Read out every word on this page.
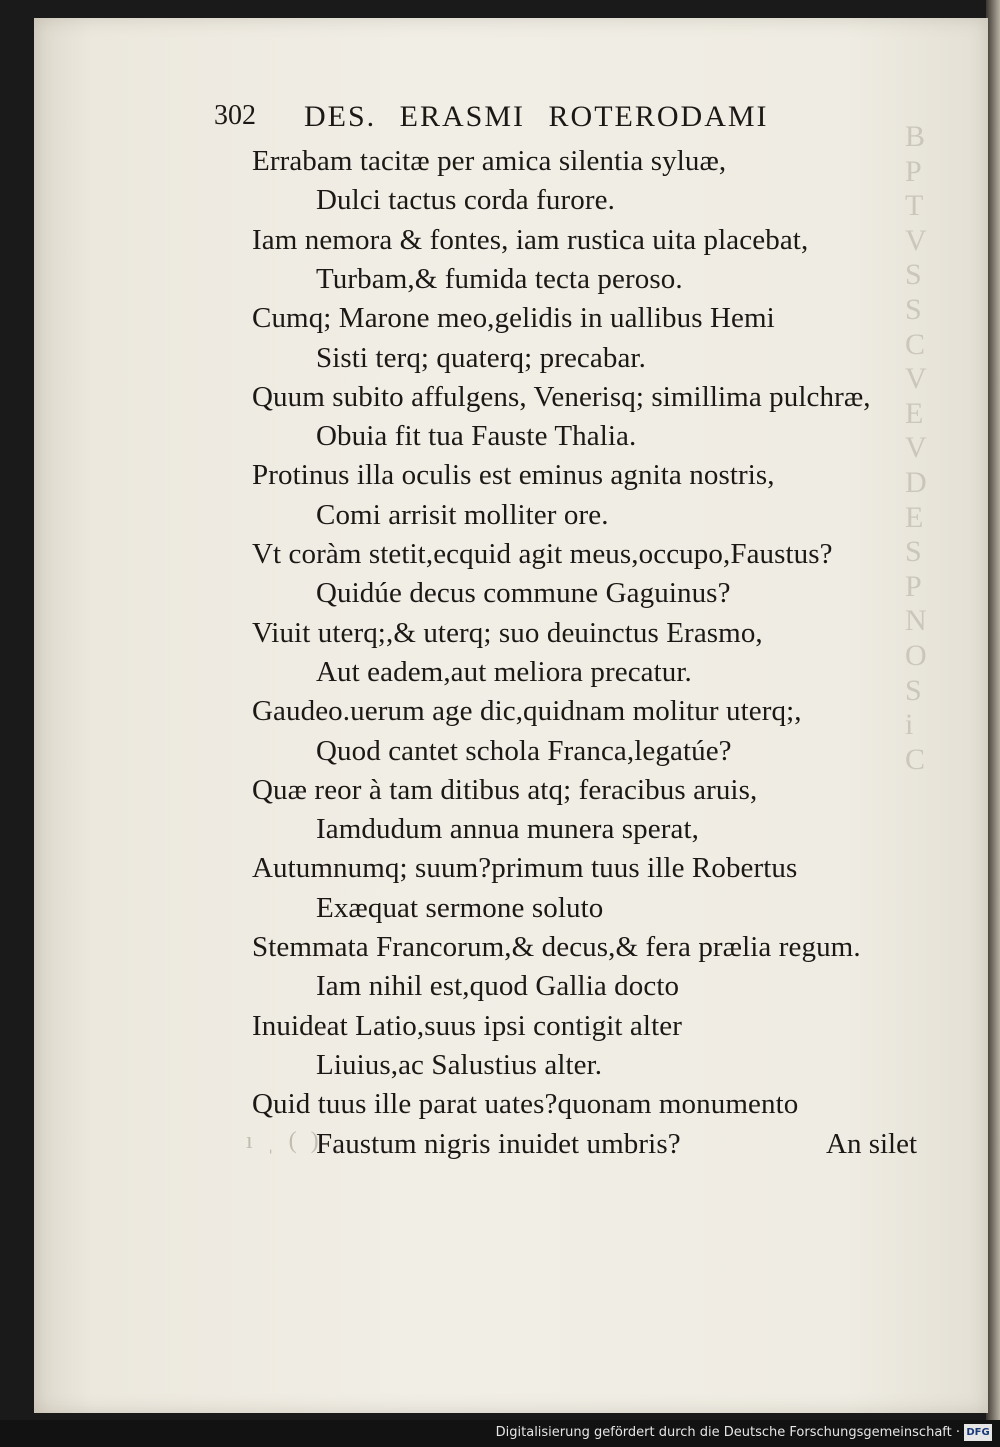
B
P
T
V
S
S
C
V
E
V
D
E
S
P
N
O
S
i
C
302 DES. ERASMI ROTERODAMI
Errabam tacitæ per amica silentia syluæ,
Dulci tactus corda furore.
Iam nemora & fontes, iam rustica uita placebat,
Turbam,& fumida tecta peroso.
Cumq; Marone meo,gelidis in uallibus Hemi
Sisti terq; quaterq; precabar.
Quum subito affulgens, Venerisq; simillima pulchræ,
Obuia fit tua Fauste Thalia.
Protinus illa oculis est eminus agnita nostris,
Comi arrisit molliter ore.
Vt coràm stetit,ecquid agit meus,occupo,Faustus?
Quidúe decus commune Gaguinus?
Viuit uterq;,& uterq; suo deuinctus Erasmo,
Aut eadem,aut meliora precatur.
Gaudeo.uerum age dic,quidnam molitur uterq;,
Quod cantet schola Franca,legatúe?
Quæ reor à tam ditibus atq; feracibus aruis,
Iamdudum annua munera sperat,
Autumnumq; suum?primum tuus ille Robertus
Exæquat sermone soluto
Stemmata Francorum,& decus,& fera prælia regum.
Iam nihil est,quod Gallia docto
Inuideat Latio,suus ipsi contigit alter
Liuius,ac Salustius alter.
Quid tuus ille parat uates?quonam monumento
Faustum nigris inuidet umbris?
ı ˌ ( ) ˌ	An silet
Digitalisierung gefördert durch die Deutsche Forschungsgemeinschaft · DFG
